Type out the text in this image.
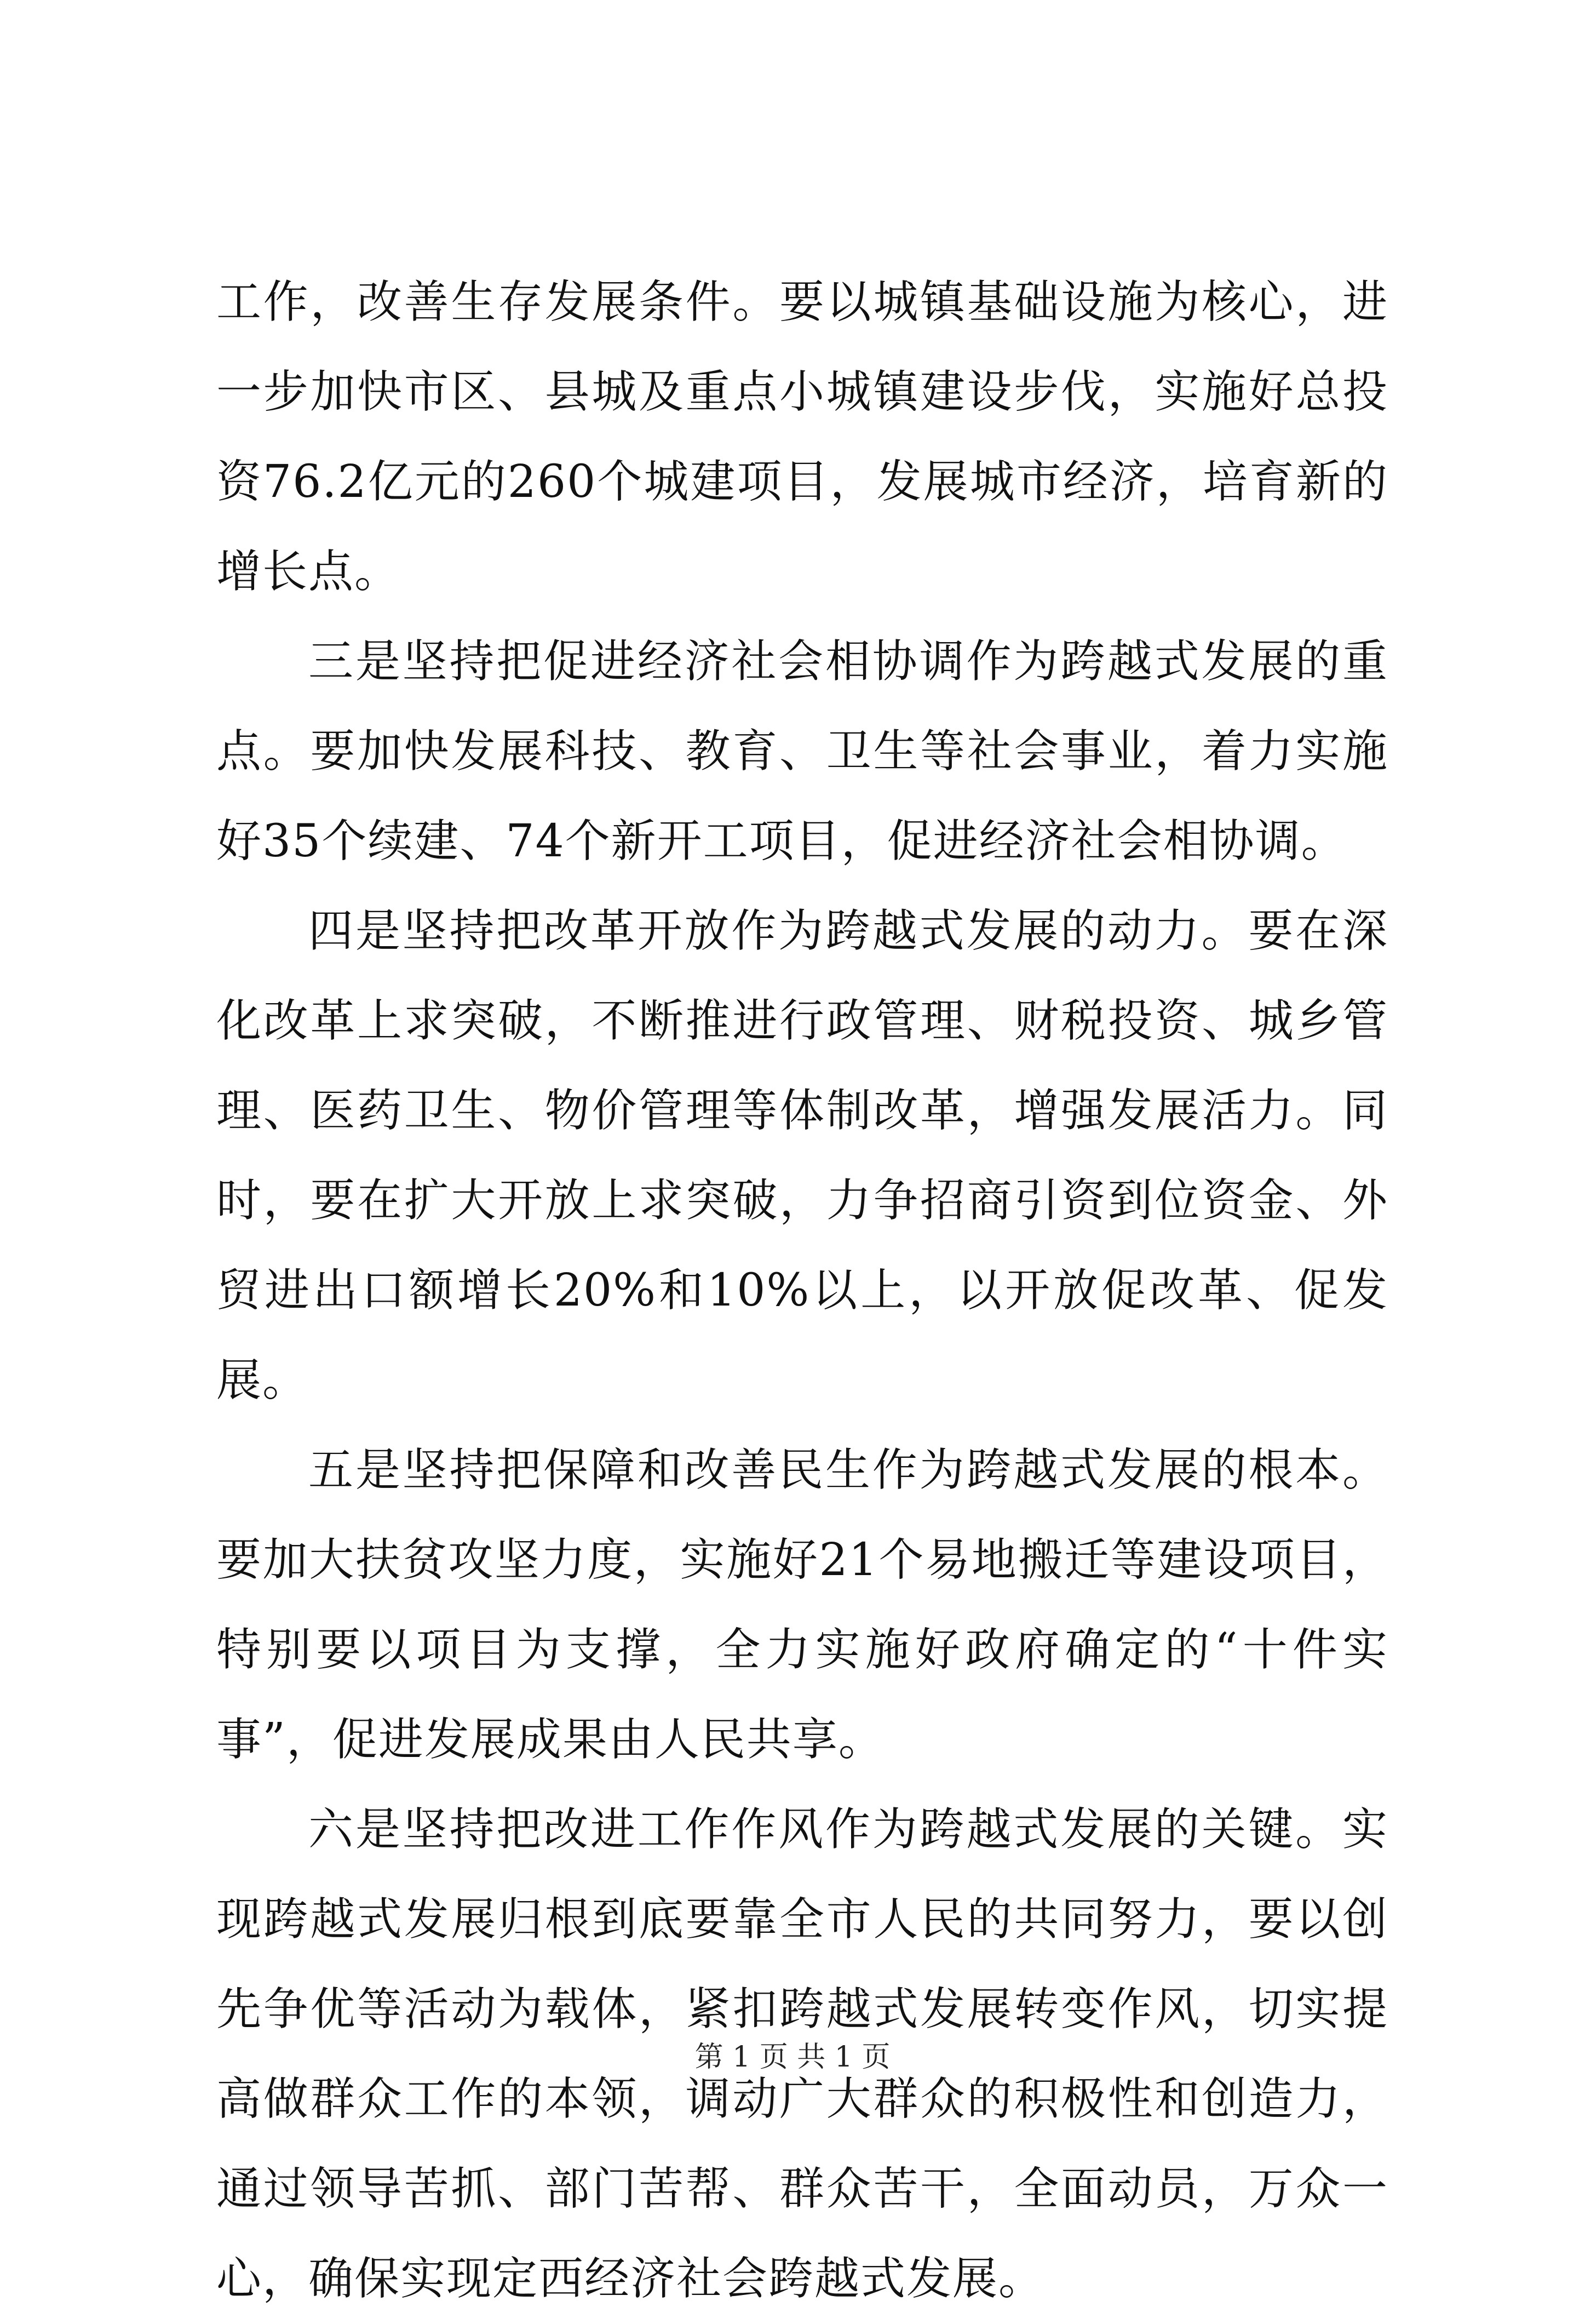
工作，改善生存发展条件。要以城镇基础设施为核心，进一步加快市区、县城及重点小城镇建设步伐，实施好总投资76.2亿元的260个城建项目，发展城市经济，培育新的增长点。

三是坚持把促进经济社会相协调作为跨越式发展的重点。要加快发展科技、教育、卫生等社会事业，着力实施好35个续建、74个新开工项目，促进经济社会相协调。

四是坚持把改革开放作为跨越式发展的动力。要在深化改革上求突破，不断推进行政管理、财税投资、城乡管理、医药卫生、物价管理等体制改革，增强发展活力。同时，要在扩大开放上求突破，力争招商引资到位资金、外贸进出口额增长20%和10%以上，以开放促改革、促发展。

五是坚持把保障和改善民生作为跨越式发展的根本。要加大扶贫攻坚力度，实施好21个易地搬迁等建设项目，特别要以项目为支撑，全力实施好政府确定的“十件实事”，促进发展成果由人民共享。

六是坚持把改进工作作风作为跨越式发展的关键。实现跨越式发展归根到底要靠全市人民的共同努力，要以创先争优等活动为载体，紧扣跨越式发展转变作风，切实提高做群众工作的本领，调动广大群众的积极性和创造力，通过领导苦抓、部门苦帮、群众苦干，全面动员，万众一心，确保实现定西经济社会跨越式发展。

第 1 页 共 1 页
